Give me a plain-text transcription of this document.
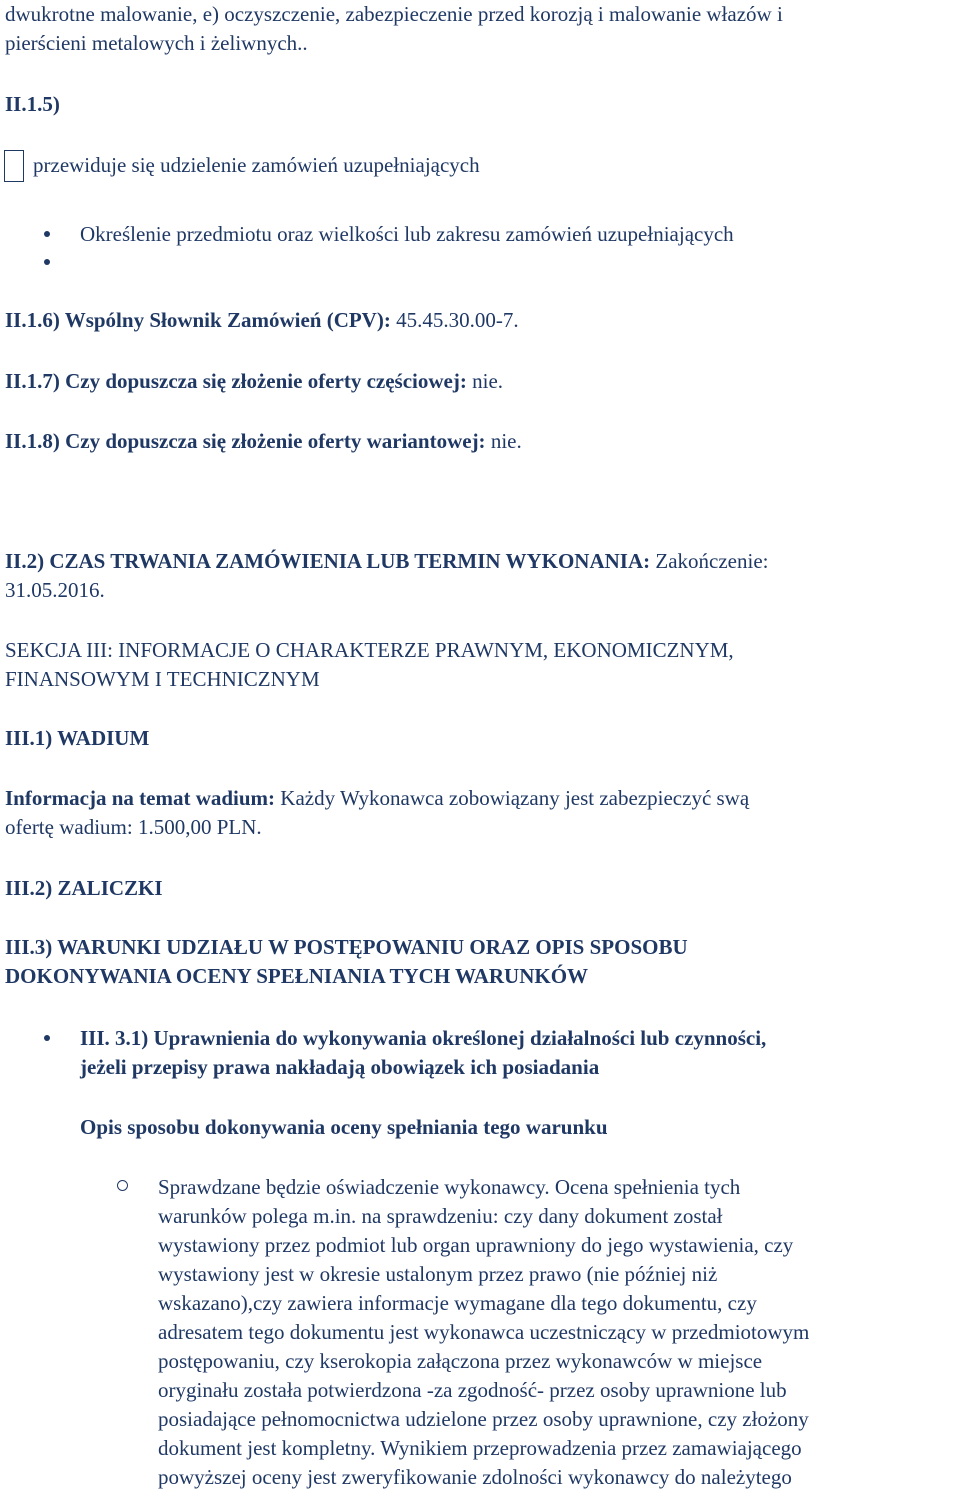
dwukrotne malowanie, e) oczyszczenie, zabezpieczenie przed korozją i malowanie włazów i
pierścieni metalowych i żeliwnych..
II.1.5)
przewiduje się udzielenie zamówień uzupełniających
Określenie przedmiotu oraz wielkości lub zakresu zamówień uzupełniających
II.1.6) Wspólny Słownik Zamówień (CPV): 45.45.30.00-7.
II.1.7) Czy dopuszcza się złożenie oferty częściowej: nie.
II.1.8) Czy dopuszcza się złożenie oferty wariantowej: nie.
II.2) CZAS TRWANIA ZAMÓWIENIA LUB TERMIN WYKONANIA: Zakończenie:
31.05.2016.
SEKCJA III: INFORMACJE O CHARAKTERZE PRAWNYM, EKONOMICZNYM,
FINANSOWYM I TECHNICZNYM
III.1) WADIUM
Informacja na temat wadium: Każdy Wykonawca zobowiązany jest zabezpieczyć swą
ofertę wadium: 1.500,00 PLN.
III.2) ZALICZKI
III.3) WARUNKI UDZIAŁU W POSTĘPOWANIU ORAZ OPIS SPOSOBU
DOKONYWANIA OCENY SPEŁNIANIA TYCH WARUNKÓW
III. 3.1) Uprawnienia do wykonywania określonej działalności lub czynności,
jeżeli przepisy prawa nakładają obowiązek ich posiadania
Opis sposobu dokonywania oceny spełniania tego warunku
Sprawdzane będzie oświadczenie wykonawcy. Ocena spełnienia tych
warunków polega m.in. na sprawdzeniu: czy dany dokument został
wystawiony przez podmiot lub organ uprawniony do jego wystawienia, czy
wystawiony jest w okresie ustalonym przez prawo (nie później niż
wskazano),czy zawiera informacje wymagane dla tego dokumentu, czy
adresatem tego dokumentu jest wykonawca uczestniczący w przedmiotowym
postępowaniu, czy kserokopia załączona przez wykonawców w miejsce
oryginału została potwierdzona -za zgodność- przez osoby uprawnione lub
posiadające pełnomocnictwa udzielone przez osoby uprawnione, czy złożony
dokument jest kompletny. Wynikiem przeprowadzenia przez zamawiającego
powyższej oceny jest zweryfikowanie zdolności wykonawcy do należytego
